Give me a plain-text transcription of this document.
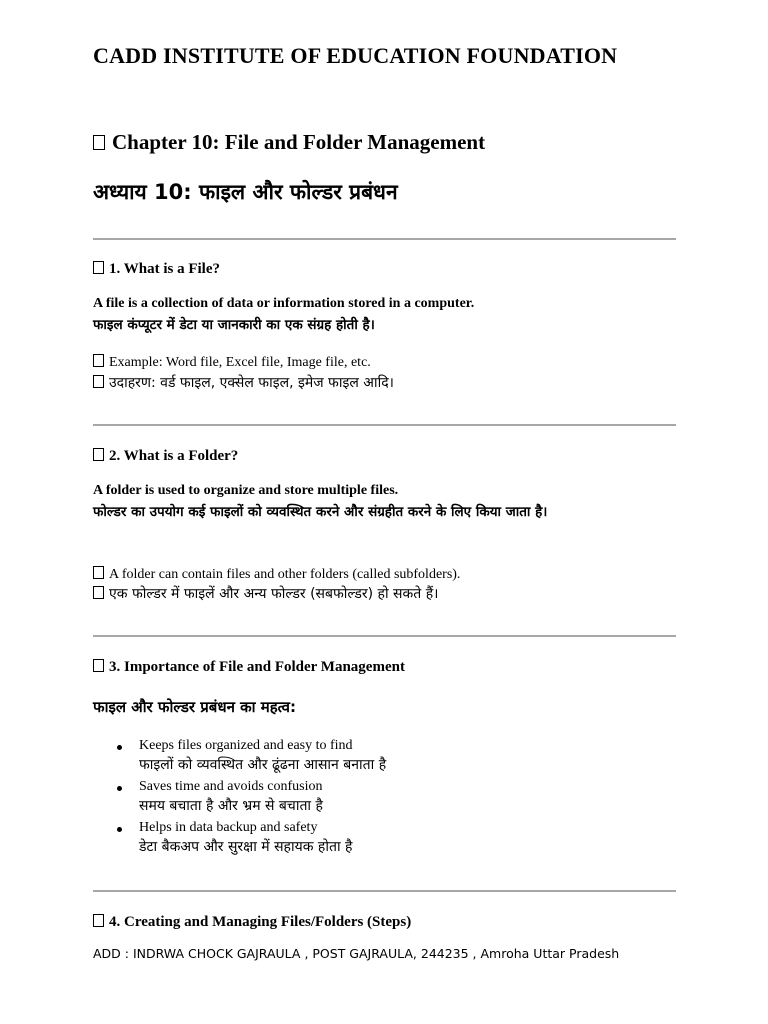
CADD INSTITUTE OF EDUCATION FOUNDATION
Chapter 10: File and Folder Management
अध्याय 10: फाइल और फोल्डर प्रबंधन
1. What is a File?
A file is a collection of data or information stored in a computer.
फाइल कंप्यूटर में डेटा या जानकारी का एक संग्रह होती है।
Example: Word file, Excel file, Image file, etc.
उदाहरण: वर्ड फाइल, एक्सेल फाइल, इमेज फाइल आदि।
2. What is a Folder?
A folder is used to organize and store multiple files.
फोल्डर का उपयोग कई फाइलों को व्यवस्थित करने और संग्रहीत करने के लिए किया जाता है।
A folder can contain files and other folders (called subfolders).
एक फोल्डर में फाइलें और अन्य फोल्डर (सबफोल्डर) हो सकते हैं।
3. Importance of File and Folder Management
फाइल और फोल्डर प्रबंधन का महत्व:
Keeps files organized and easy to find
फाइलों को व्यवस्थित और ढूंढना आसान बनाता है
Saves time and avoids confusion
समय बचाता है और भ्रम से बचाता है
Helps in data backup and safety
डेटा बैकअप और सुरक्षा में सहायक होता है
4. Creating and Managing Files/Folders (Steps)
ADD : INDRWA CHOCK GAJRAULA , POST GAJRAULA, 244235 , Amroha Uttar Pradesh
